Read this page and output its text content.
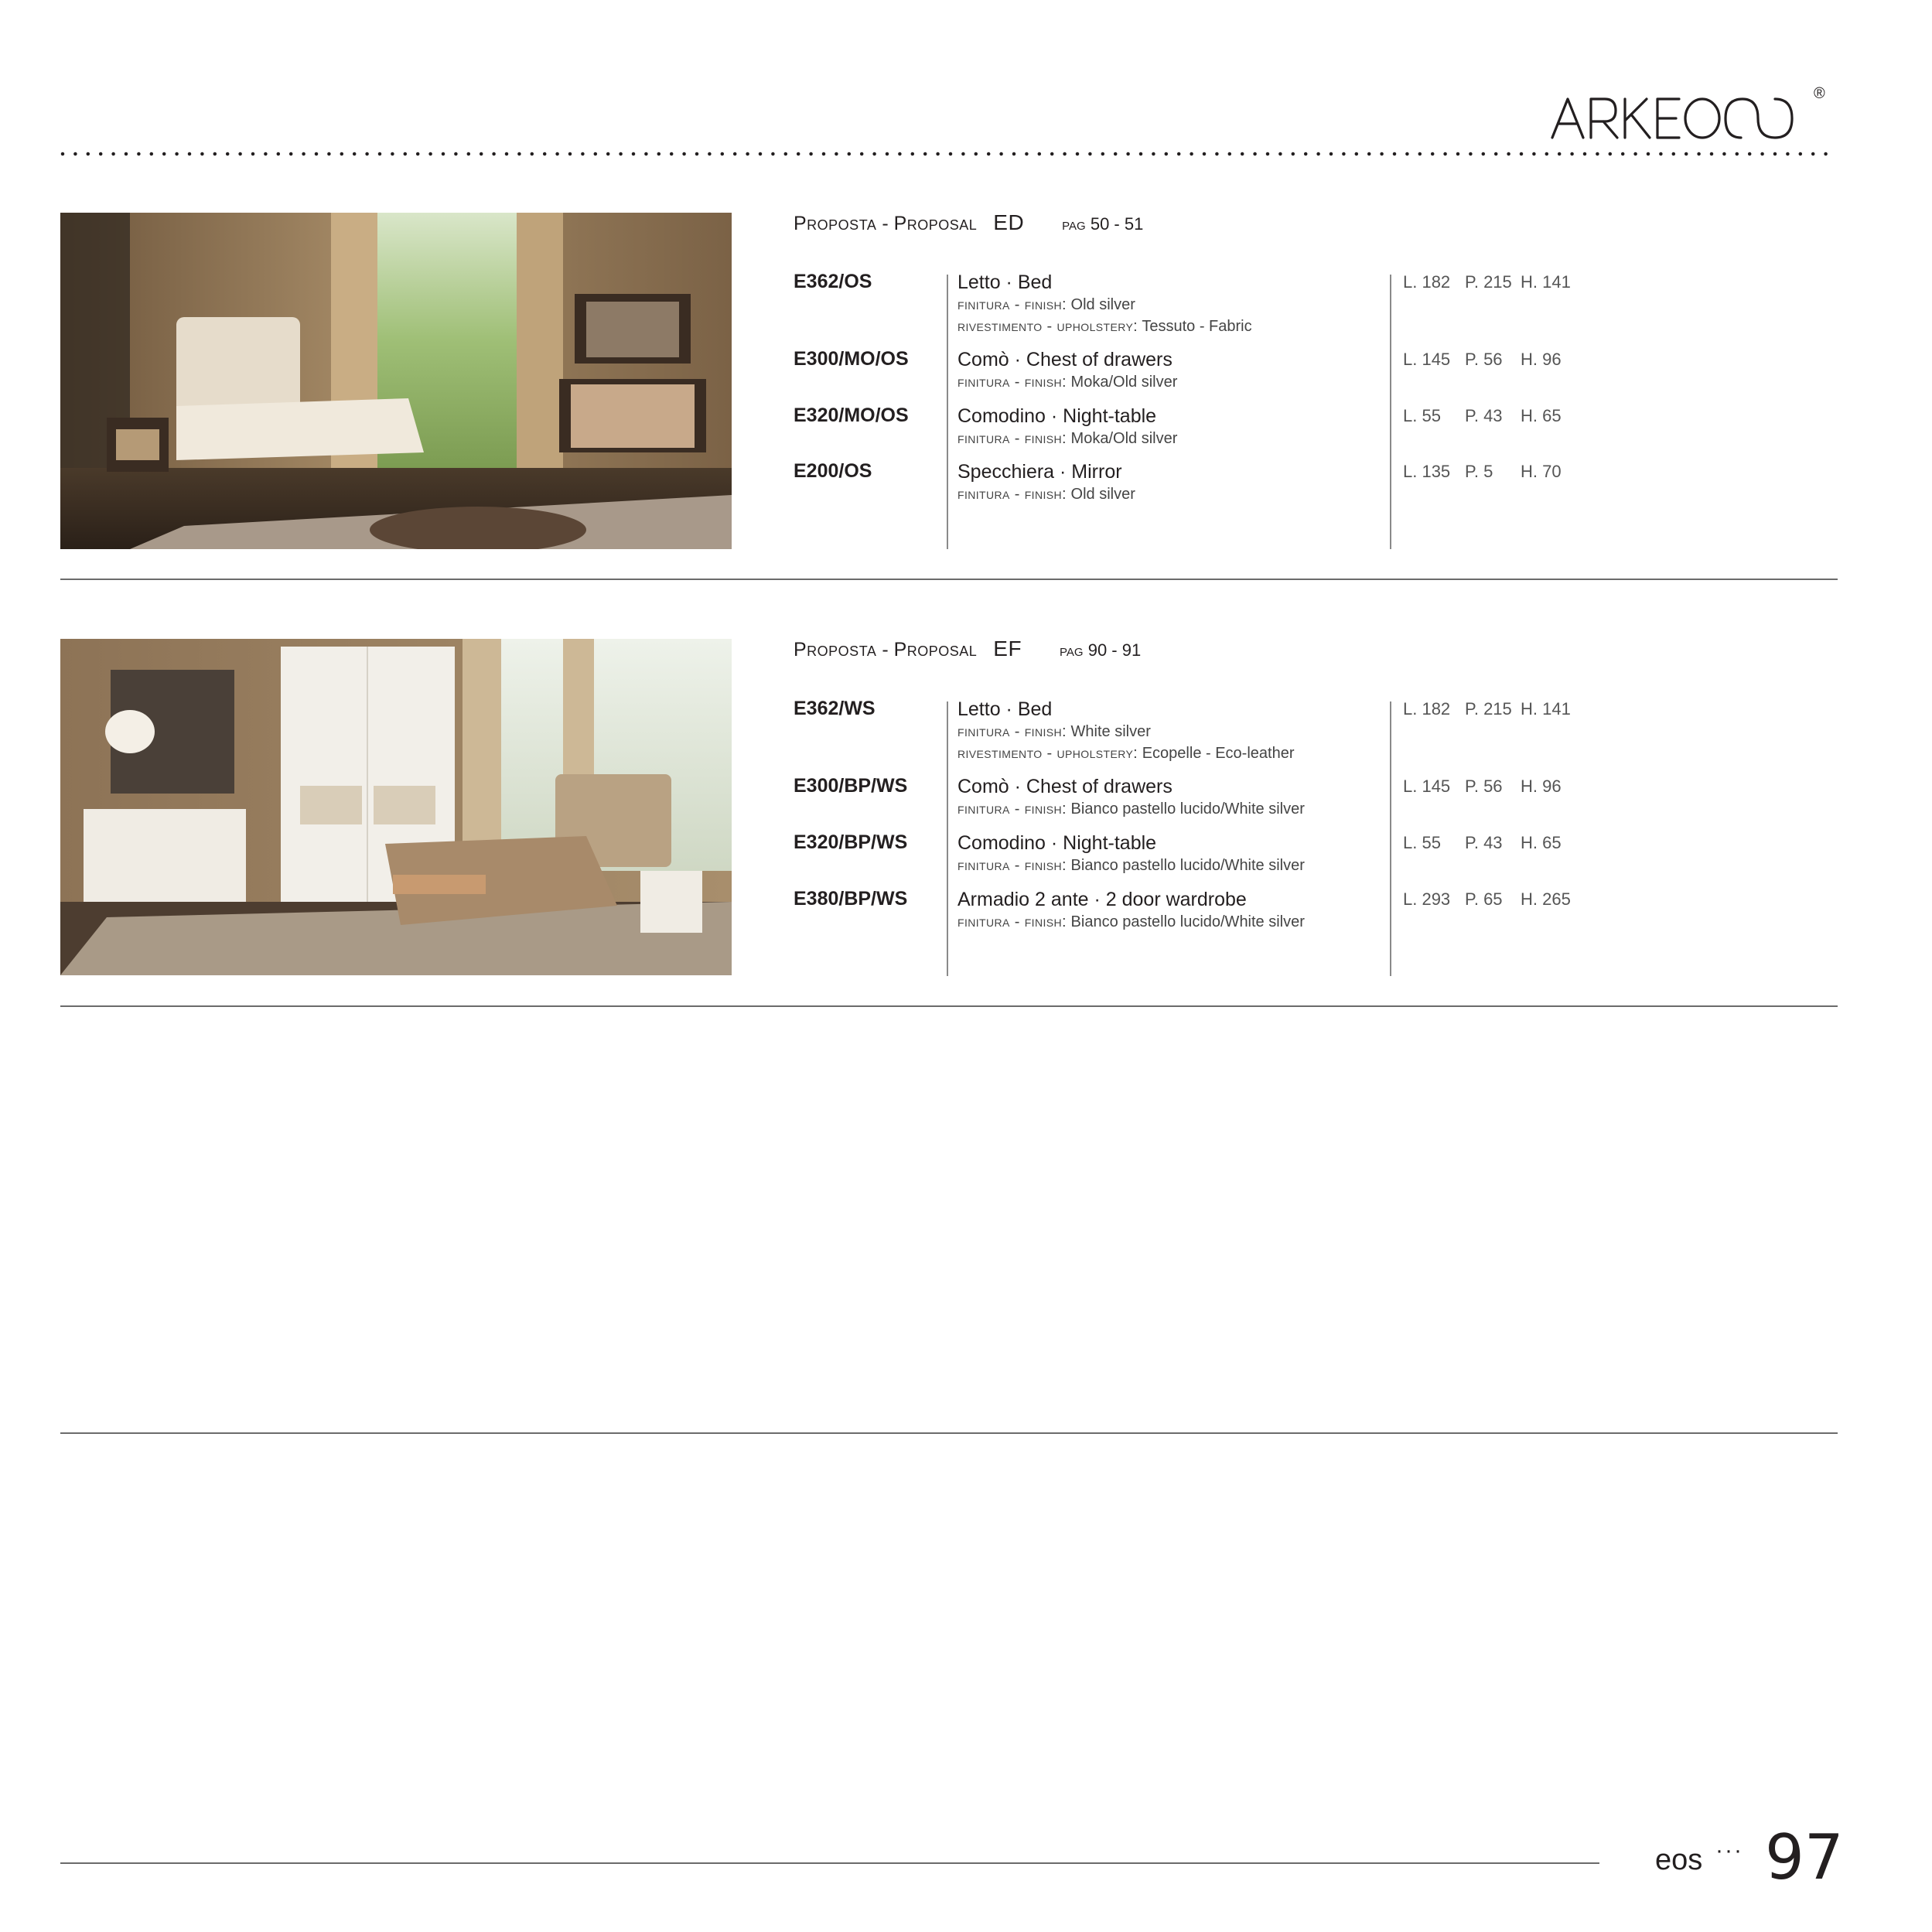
®
Proposta - Proposal ED pag 50 - 51
E362/OS	Letto · Bed
finitura - finish: Old silver
rivestimento - upholstery: Tessuto - Fabric
L. 182 P. 215 H. 141
E300/MO/OS	Comò · Chest of drawers
finitura - finish: Moka/Old silver
L. 145 P. 56 H. 96
E320/MO/OS	Comodino · Night-table
finitura - finish: Moka/Old silver
L. 55 P. 43 H. 65
E200/OS	Specchiera · Mirror
finitura - finish: Old silver
L. 135 P. 5 H. 70
Proposta - Proposal EF pag 90 - 91
E362/WS	Letto · Bed
finitura - finish: White silver
rivestimento - upholstery: Ecopelle - Eco-leather
L. 182 P. 215 H. 141
E300/BP/WS	Comò · Chest of drawers
finitura - finish: Bianco pastello lucido/White silver
L. 145 P. 56 H. 96
E320/BP/WS	Comodino · Night-table
finitura - finish: Bianco pastello lucido/White silver
L. 55 P. 43 H. 65
E380/BP/WS	Armadio 2 ante · 2 door wardrobe
finitura - finish: Bianco pastello lucido/White silver
L. 293 P. 65 H. 265
eos ··· 97
